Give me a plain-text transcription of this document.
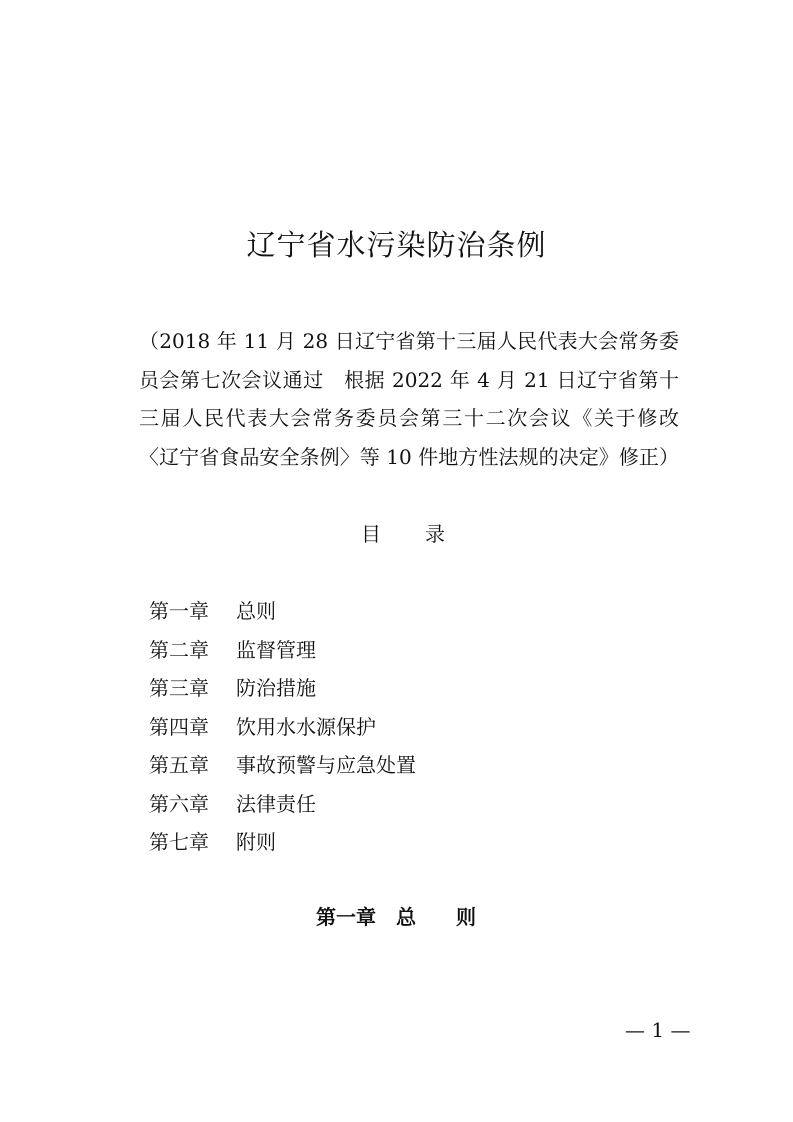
辽宁省水污染防治条例
（2018 年 11 月 28 日辽宁省第十三届人民代表大会常务委
员会第七次会议通过　根据 2022 年 4 月 21 日辽宁省第十
三届人民代表大会常务委员会第三十二次会议《关于修改
〈辽宁省食品安全条例〉等 10 件地方性法规的决定》修正）
目 录
第一章 总则
第二章 监督管理
第三章 防治措施
第四章 饮用水水源保护
第五章 事故预警与应急处置
第六章 法律责任
第七章 附则
第一章 总 则
— 1 —
